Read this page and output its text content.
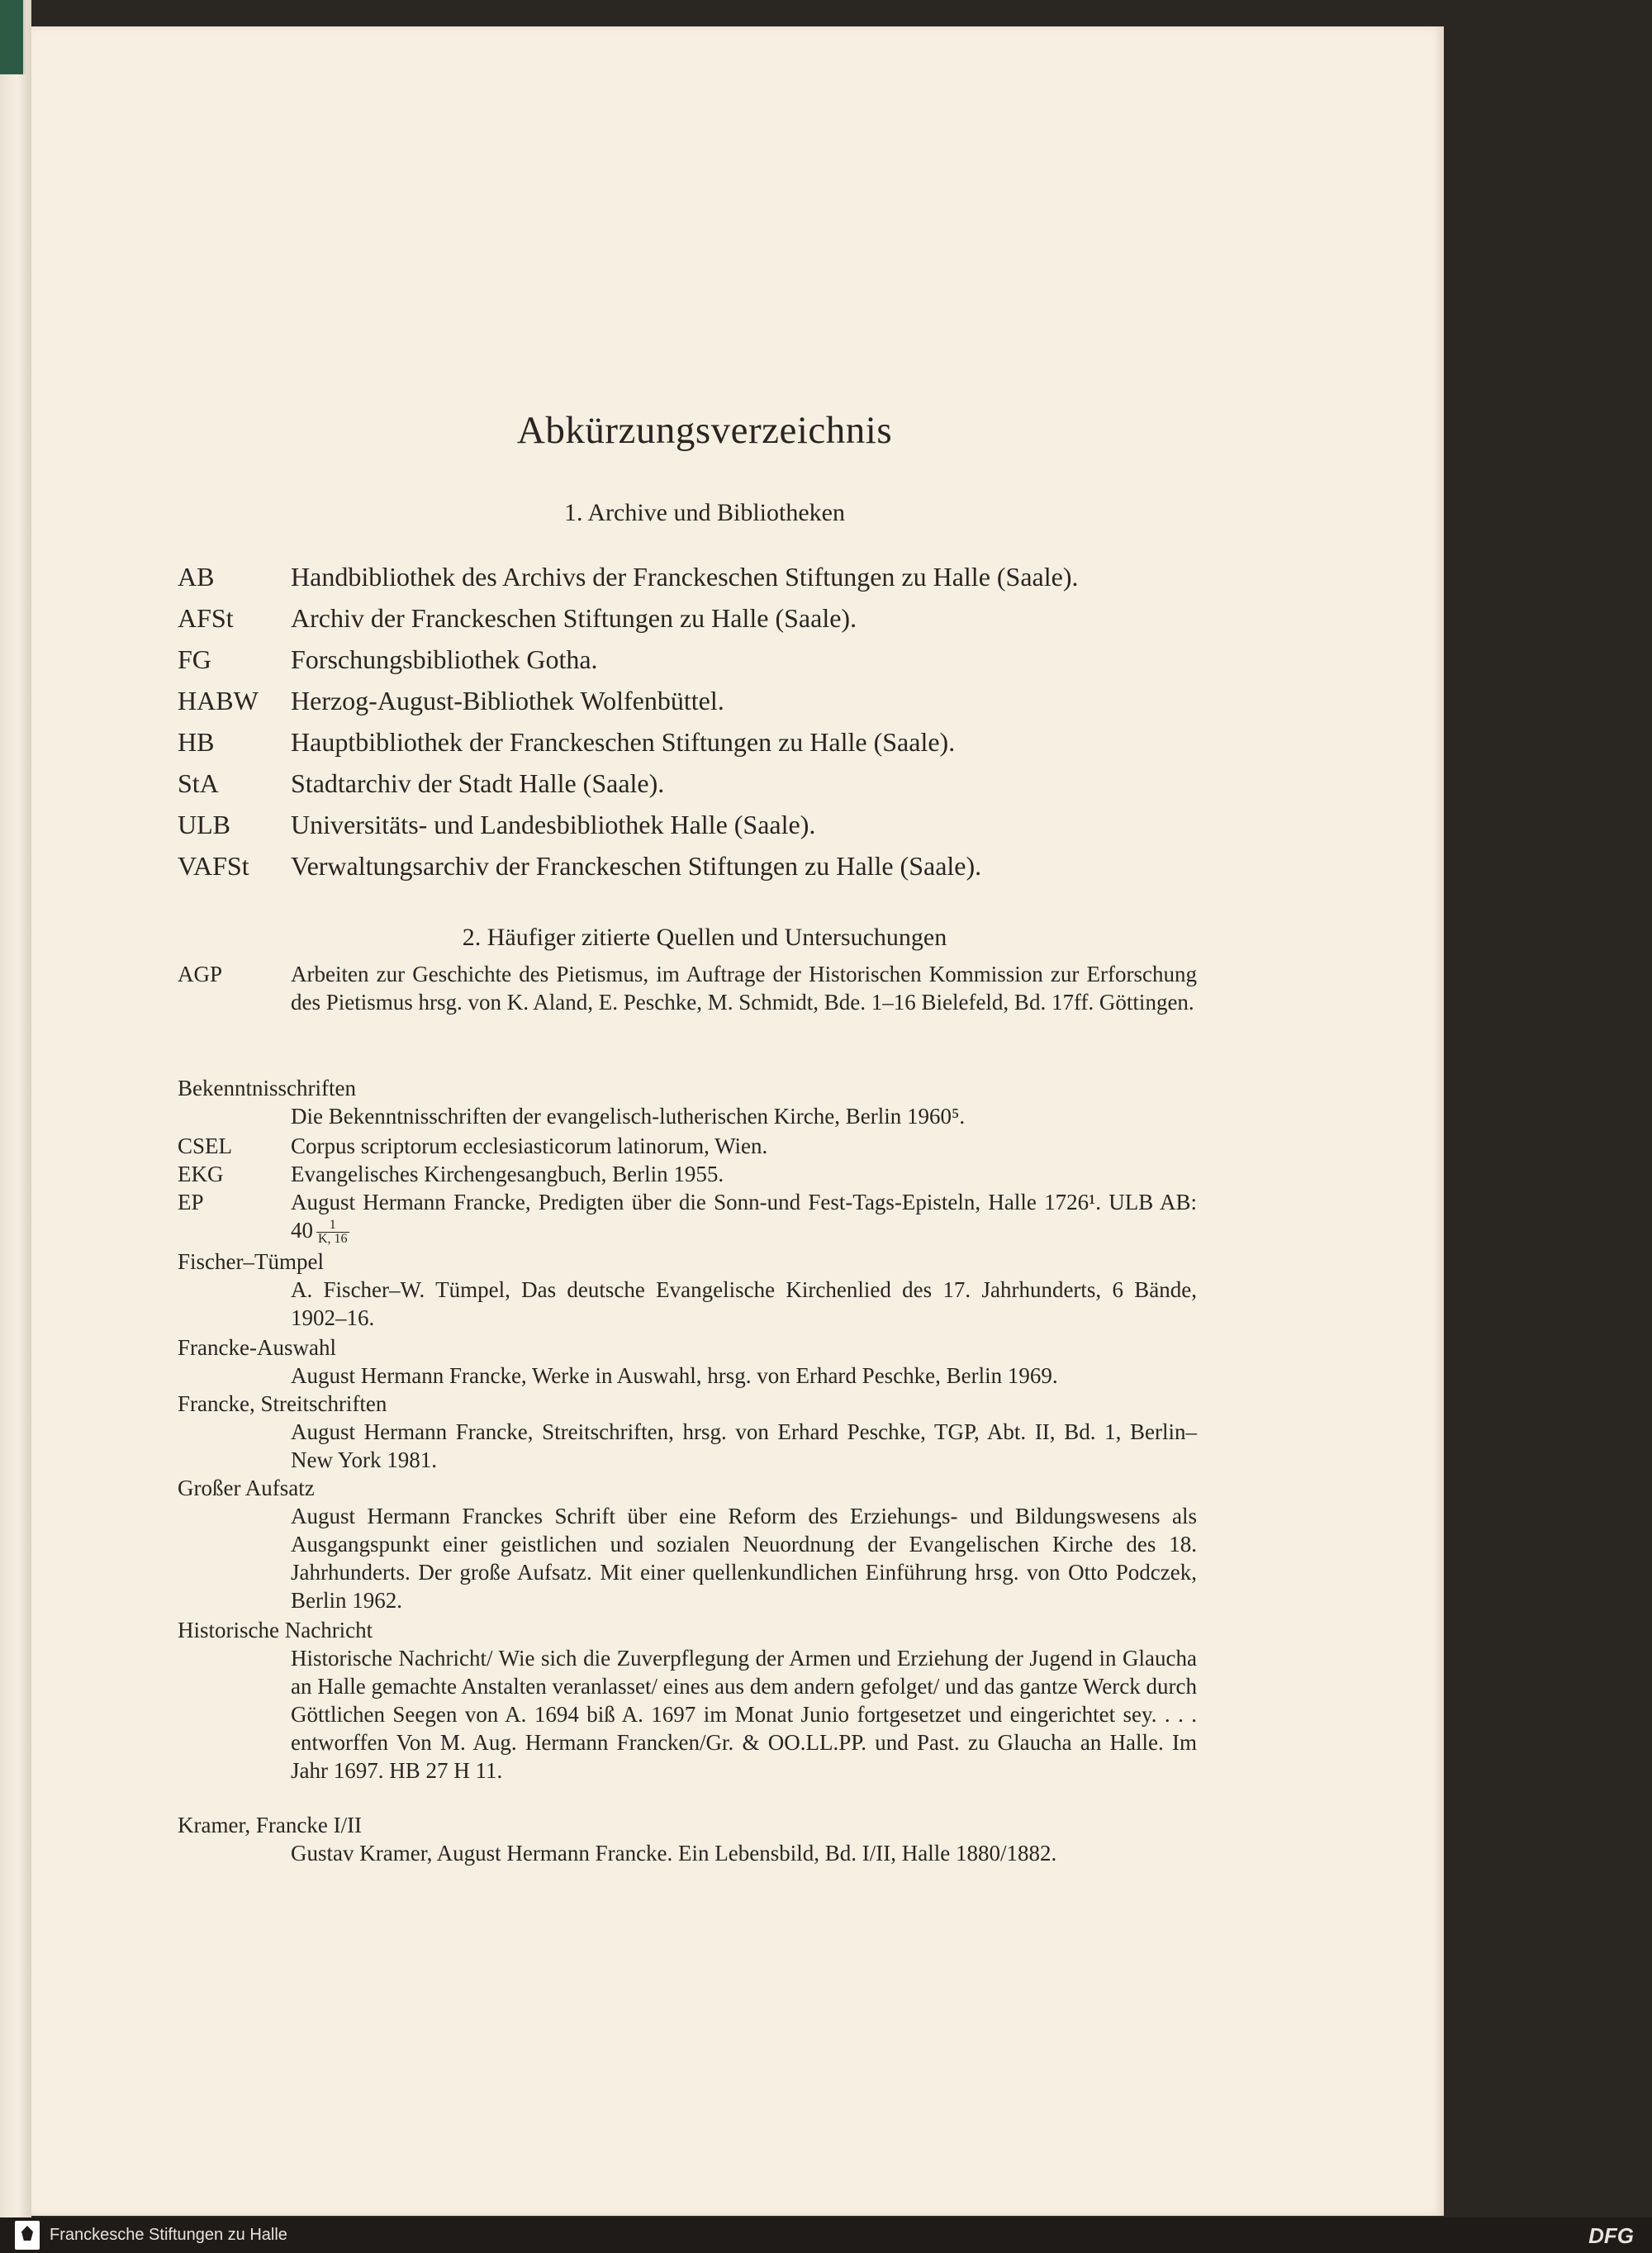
Abkürzungsverzeichnis
1. Archive und Bibliotheken
AB	Handbibliothek des Archivs der Franckeschen Stiftungen zu Halle (Saale).
AFSt Archiv der Franckeschen Stiftungen zu Halle (Saale).
FG	Forschungsbibliothek Gotha.
HABW Herzog-August-Bibliothek Wolfenbüttel.
HB	Hauptbibliothek der Franckeschen Stiftungen zu Halle (Saale).
StA	Stadtarchiv der Stadt Halle (Saale).
ULB Universitäts- und Landesbibliothek Halle (Saale).
VAFSt Verwaltungsarchiv der Franckeschen Stiftungen zu Halle (Saale).
2. Häufiger zitierte Quellen und Untersuchungen
AGP	Arbeiten zur Geschichte des Pietismus, im Auftrage der Historischen Kommission zur Erforschung des Pietismus hrsg. von K. Aland, E. Peschke, M. Schmidt, Bde. 1–16 Bielefeld, Bd. 17ff. Göttingen.
Bekenntnisschriften
Die Bekenntnisschriften der evangelisch-lutherischen Kirche, Berlin 1960⁵.
CSEL	Corpus scriptorum ecclesiasticorum latinorum, Wien.
EKG	Evangelisches Kirchengesangbuch, Berlin 1955.
EP	August Hermann Francke, Predigten über die Sonn-und Fest-Tags-Episteln, Halle 1726¹. ULB AB: $40 \frac{1}{K, 16}$
Fischer–Tümpel
A. Fischer–W. Tümpel, Das deutsche Evangelische Kirchenlied des 17. Jahrhunderts, 6 Bände, 1902–16.
Francke-Auswahl
August Hermann Francke, Werke in Auswahl, hrsg. von Erhard Peschke, Berlin 1969.
Francke, Streitschriften
August Hermann Francke, Streitschriften, hrsg. von Erhard Peschke, TGP, Abt. II, Bd. 1, Berlin–New York 1981.
Großer Aufsatz
August Hermann Franckes Schrift über eine Reform des Erziehungs- und Bildungswesens als Ausgangspunkt einer geistlichen und sozialen Neuordnung der Evangelischen Kirche des 18. Jahrhunderts. Der große Aufsatz. Mit einer quellenkundlichen Einführung hrsg. von Otto Podczek, Berlin 1962.
Historische Nachricht
Historische Nachricht/ Wie sich die Zuverpflegung der Armen und Erziehung der Jugend in Glaucha an Halle gemachte Anstalten veranlasset/ eines aus dem andern gefolget/ und das gantze Werck durch Göttlichen Seegen von A. 1694 biß A. 1697 im Monat Junio fortgesetzet und eingerichtet sey. . . . entworffen Von M. Aug. Hermann Francken/Gr. & OO.LL.PP. und Past. zu Glaucha an Halle. Im Jahr 1697. HB 27 H 11.
Kramer, Francke I/II
Gustav Kramer, August Hermann Francke. Ein Lebensbild, Bd. I/II, Halle 1880/1882.
Franckesche Stiftungen zu Halle	DFG
